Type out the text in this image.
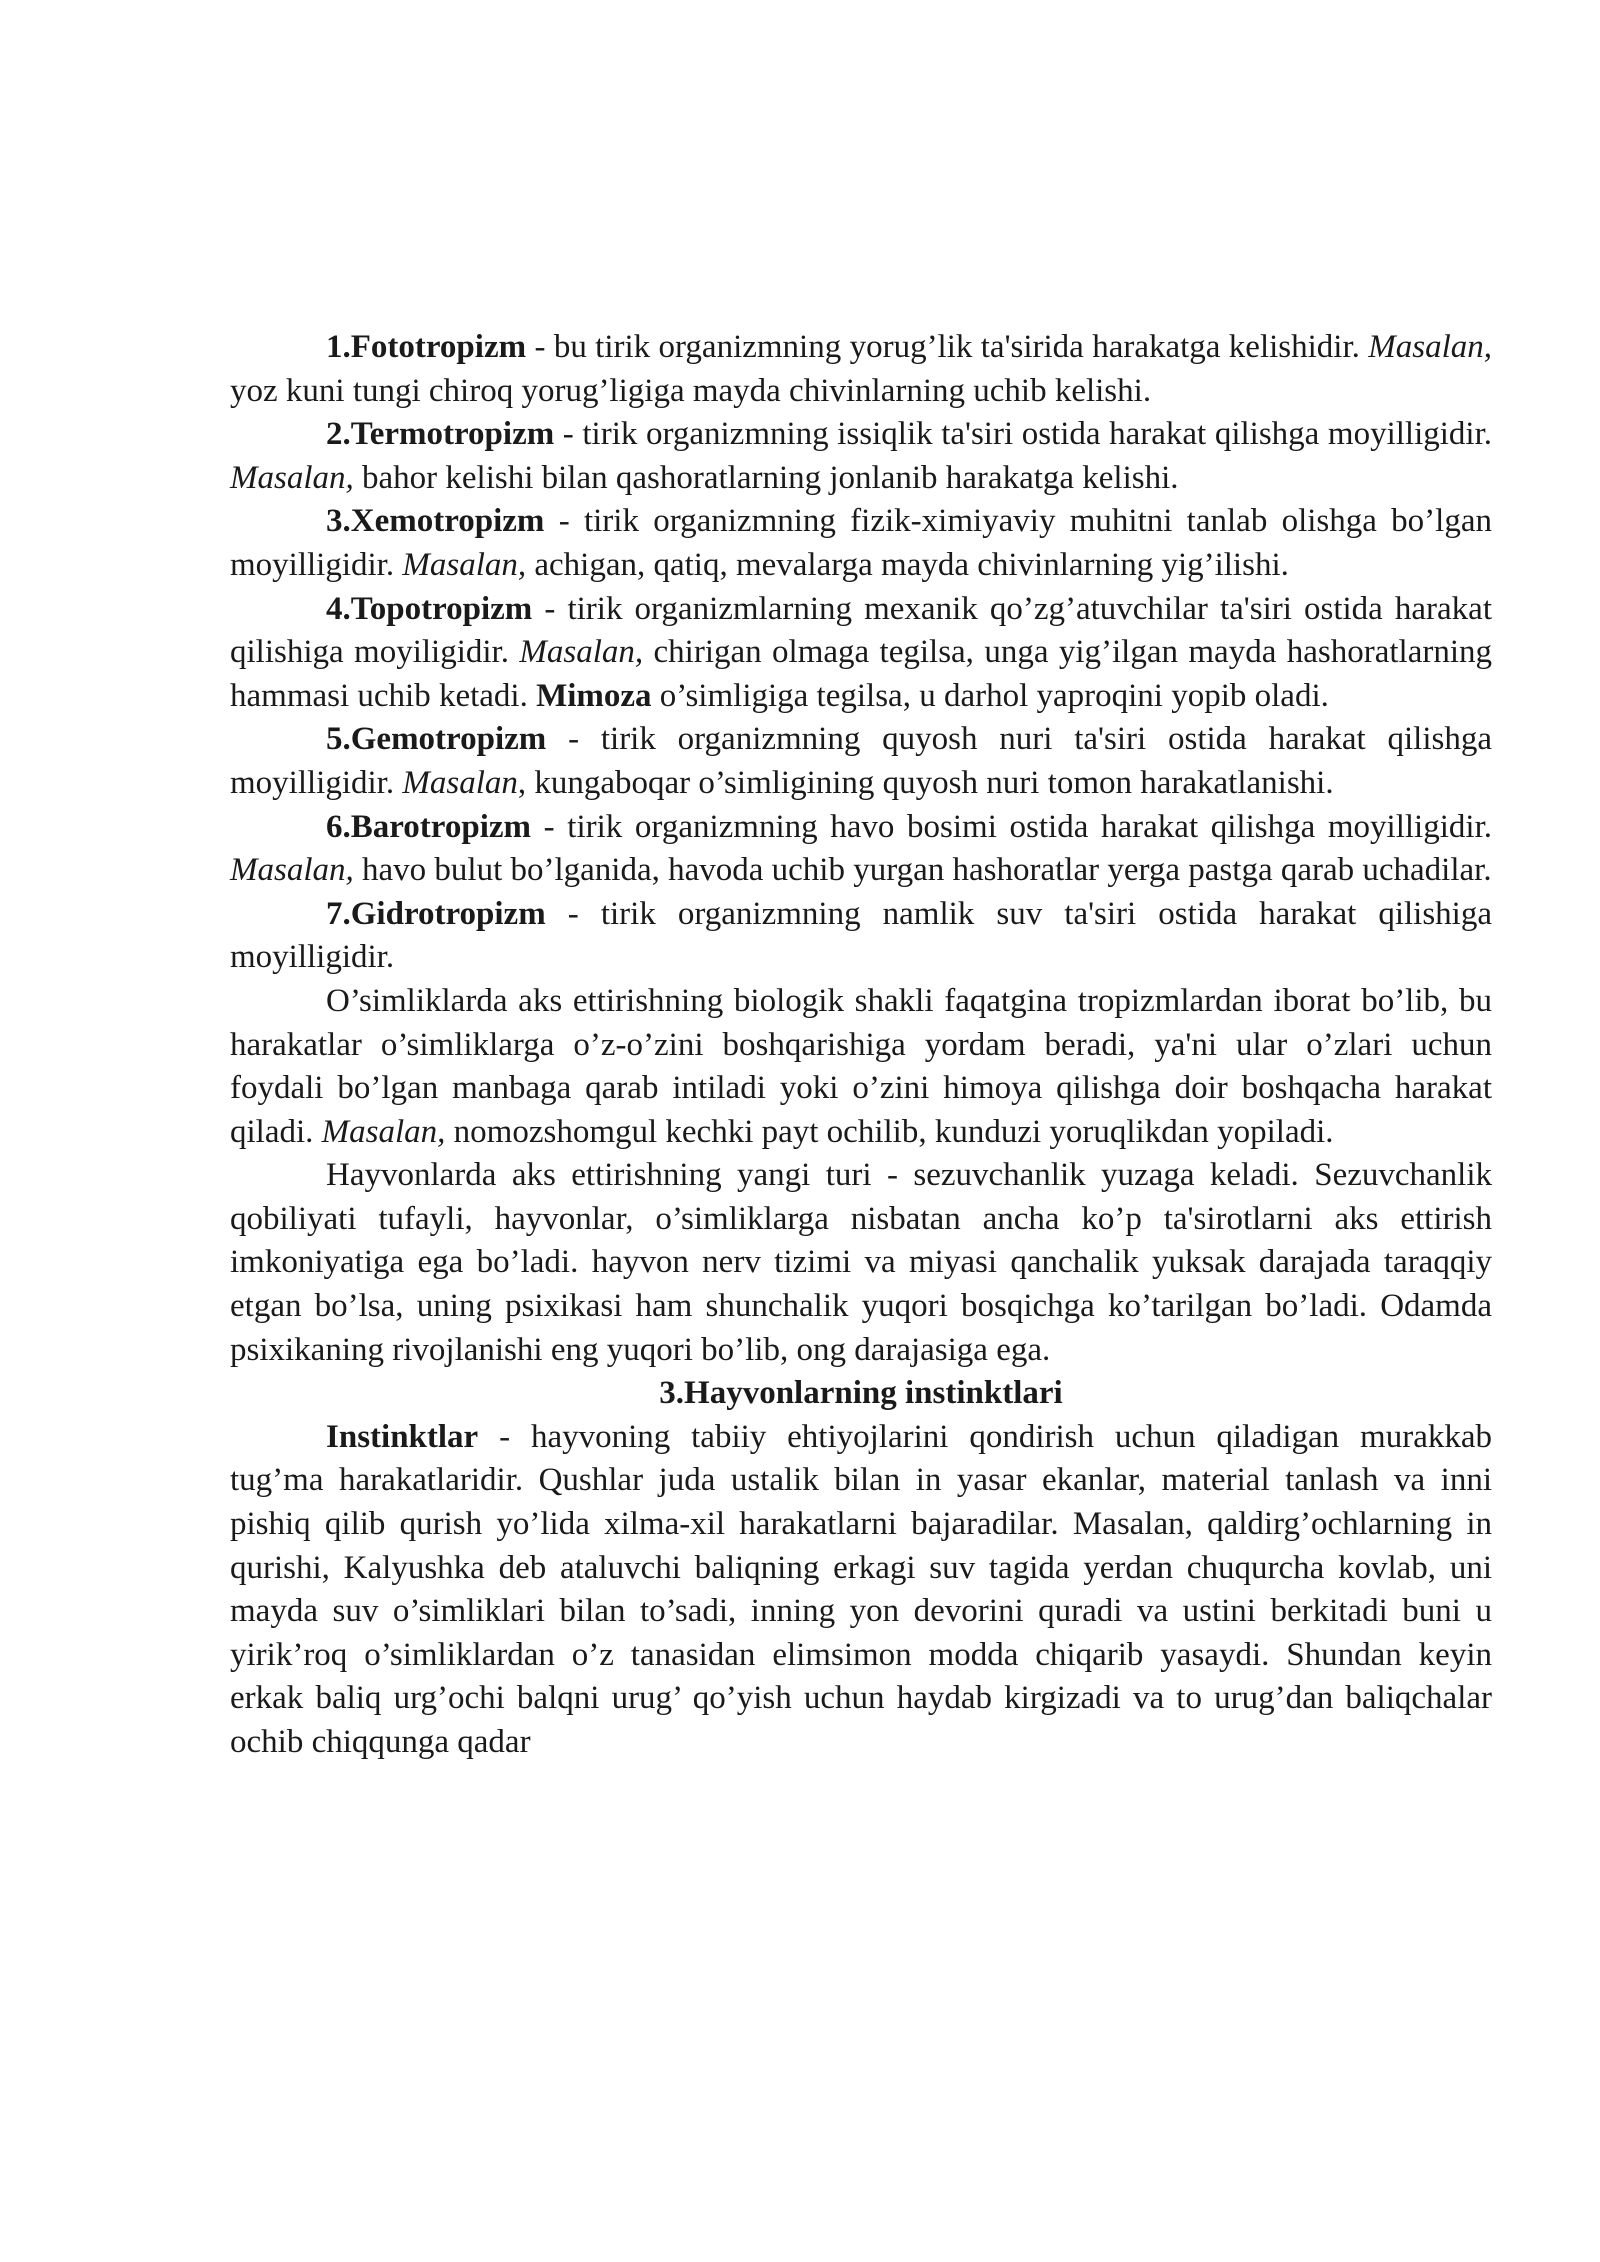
1.Fototropizm - bu tirik organizmning yorug’lik ta'sirida harakatga kelishidir. Masalan, yoz kuni tungi chiroq yorug’ligiga mayda chivinlarning uchib kelishi.

2.Termotropizm - tirik organizmning issiqlik ta'siri ostida harakat qilishga moyilligidir. Masalan, bahor kelishi bilan qashoratlarning jonlanib harakatga kelishi.

3.Xemotropizm - tirik organizmning fizik-ximiyaviy muhitni tanlab olishga bo’lgan moyilligidir. Masalan, achigan, qatiq, mevalarga mayda chivinlarning yig’ilishi.

4.Topotropizm - tirik organizmlarning mexanik qo’zg’atuvchilar ta'siri ostida harakat qilishiga moyiligidir. Masalan, chirigan olmaga tegilsa, unga yig’ilgan mayda hashoratlarning hammasi uchib ketadi. Mimoza o’simligiga tegilsa, u darhol yaproqini yopib oladi.

5.Gemotropizm - tirik organizmning quyosh nuri ta'siri ostida harakat qilishga moyilligidir. Masalan, kungaboqar o’simligining quyosh nuri tomon harakatlanishi.

6.Barotropizm - tirik organizmning havo bosimi ostida harakat qilishga moyilligidir. Masalan, havo bulut bo’lganida, havoda uchib yurgan hashoratlar yerga pastga qarab uchadilar.

7.Gidrotropizm - tirik organizmning namlik suv ta'siri ostida harakat qilishiga moyilligidir.

O’simliklarda aks ettirishning biologik shakli faqatgina tropizmlardan iborat bo’lib, bu harakatlar o’simliklarga o’z-o’zini boshqarishiga yordam beradi, ya'ni ular o’zlari uchun foydali bo’lgan manbaga qarab intiladi yoki o’zini himoya qilishga doir boshqacha harakat qiladi. Masalan, nomozshomgul kechki payt ochilib, kunduzi yoruqlikdan yopiladi.

Hayvonlarda aks ettirishning yangi turi - sezuvchanlik yuzaga keladi. Sezuvchanlik qobiliyati tufayli, hayvonlar, o’simliklarga nisbatan ancha ko’p ta'sirotlarni aks ettirish imkoniyatiga ega bo’ladi. hayvon nerv tizimi va miyasi qanchalik yuksak darajada taraqqiy etgan bo’lsa, uning psixikasi ham shunchalik yuqori bosqichga ko’tarilgan bo’ladi. Odamda psixikaning rivojlanishi eng yuqori bo’lib, ong darajasiga ega.

3.Hayvonlarning instinktlari

Instinktlar - hayvoning tabiiy ehtiyojlarini qondirish uchun qiladigan murakkab tug’ma harakatlaridir. Qushlar juda ustalik bilan in yasar ekanlar, material tanlash va inni pishiq qilib qurish yo’lida xilma-xil harakatlarni bajaradilar. Masalan, qaldirg’ochlarning in qurishi, Kalyushka deb ataluvchi baliqning erkagi suv tagida yerdan chuqurcha kovlab, uni mayda suv o’simliklari bilan to’sadi, inning yon devorini quradi va ustini berkitadi buni u yirik’roq o’simliklardan o’z tanasidan elimsimon modda chiqarib yasaydi. Shundan keyin erkak baliq urg’ochi balqni urug’ qo’yish uchun haydab kirgizadi va to urug’dan baliqchalar ochib chiqqunga qadar
